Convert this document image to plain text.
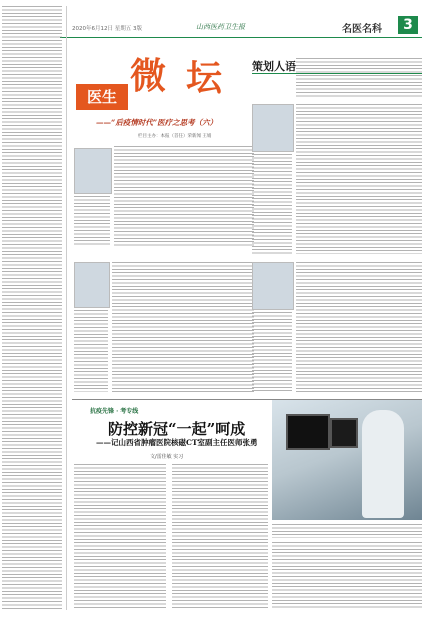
2020年6月12日 星期五 3版	山西医药卫生报	名医名科	3
医生 微 坛
——“后疫情时代”医疗之思考（六）
栏目主办：本报（首任）荣新闻 王娟
策划人语
抗疫先锋 · 考专线
防控新冠“一起”呵成
——记山西省肿瘤医院核磁CT室副主任医师张勇
文/雷佳敏 实习
